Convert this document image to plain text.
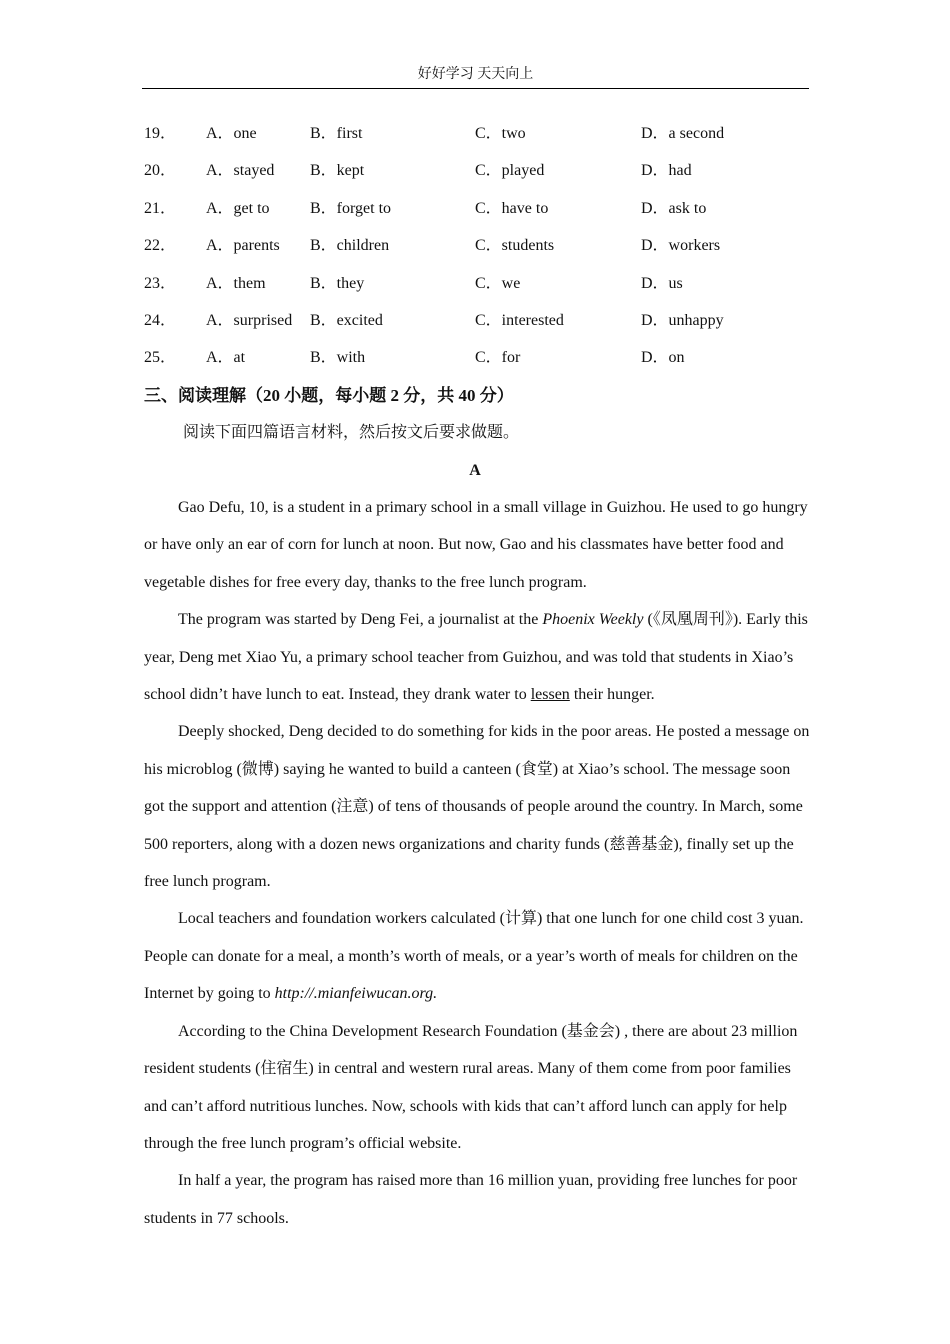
好好学习 天天向上
19． A．one	B．first	C．two	D．a second
20． A．stayed B．kept	C．played	D．had
21． A．get to	B．forget to	C．have to	D．ask to
22． A．parents B．children	C．students	D．workers
23． A．them	B．they	C．we	D．us
24． A．surprised B．excited	C．interested	D．unhappy
25． A．at	B．with	C．for	D．on
三、阅读理解（20 小题，每小题 2 分，共 40 分）
阅读下面四篇语言材料，然后按文后要求做题。
A

Gao Defu, 10, is a student in a primary school in a small village in Guizhou. He used to go hungry or have only an ear of corn for lunch at noon. But now, Gao and his classmates have better food and vegetable dishes for free every day, thanks to the free lunch program.

The program was started by Deng Fei, a journalist at the Phoenix Weekly (《凤凰周刊》). Early this year, Deng met Xiao Yu, a primary school teacher from Guizhou, and was told that students in Xiao’s school didn’t have lunch to eat. Instead, they drank water to lessen their hunger.

Deeply shocked, Deng decided to do something for kids in the poor areas. He posted a message on his microblog (微博) saying he wanted to build a canteen (食堂) at Xiao’s school. The message soon got the support and attention (注意) of tens of thousands of people around the country. In March, some 500 reporters, along with a dozen news organizations and charity funds (慈善基金), finally set up the free lunch program.

Local teachers and foundation workers calculated (计算) that one lunch for one child cost 3 yuan. People can donate for a meal, a month’s worth of meals, or a year’s worth of meals for children on the Internet by going to http://.mianfeiwucan.org.

According to the China Development Research Foundation (基金会) , there are about 23 million resident students (住宿生) in central and western rural areas. Many of them come from poor families and can’t afford nutritious lunches. Now, schools with kids that can’t afford lunch can apply for help through the free lunch program’s official website.

In half a year, the program has raised more than 16 million yuan, providing free lunches for poor students in 77 schools.
